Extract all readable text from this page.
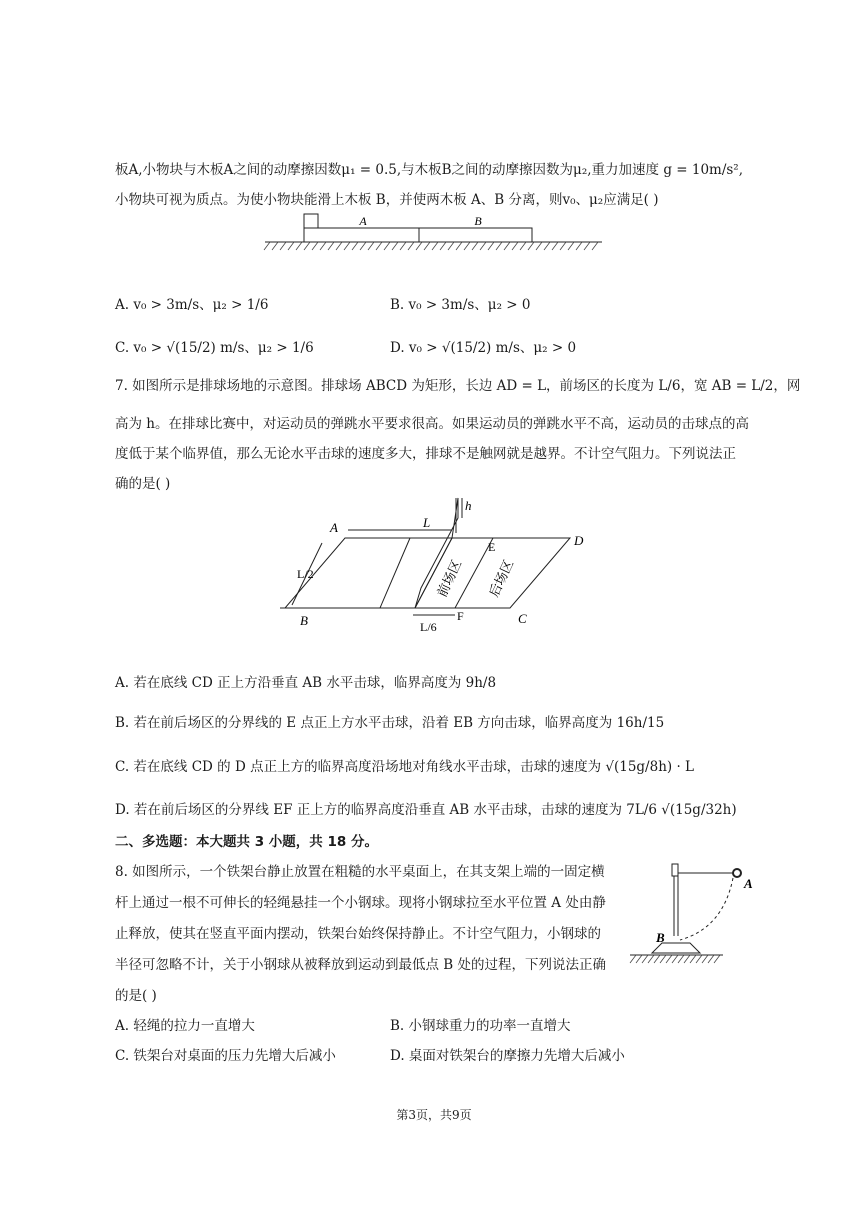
板A,小物块与木板A之间的动摩擦因数μ₁ = 0.5,与木板B之间的动摩擦因数为μ₂,重力加速度 g = 10m/s²,
小物块可视为质点。为使小物块能滑上木板 B，并使两木板 A、B 分离，则v₀、μ₂应满足( )
A	B
A. v₀ > 3m/s、μ₂ > 1/6	B. v₀ > 3m/s、μ₂ > 0
C. v₀ > √(15/2) m/s、μ₂ > 1/6	D. v₀ > √(15/2) m/s、μ₂ > 0
7. 如图所示是排球场地的示意图。排球场 ABCD 为矩形，长边 AD = L，前场区的长度为 L/6，宽 AB = L/2，网
高为 h。在排球比赛中，对运动员的弹跳水平要求很高。如果运动员的弹跳水平不高，运动员的击球点的高
度低于某个临界值，那么无论水平击球的速度多大，排球不是触网就是越界。不计空气阻力。下列说法正
确的是( )
A
D
C
B
E
F
L
h
L/2
L/6
前场区 后场区
A. 若在底线 CD 正上方沿垂直 AB 水平击球，临界高度为 9h/8
B. 若在前后场区的分界线的 E 点正上方水平击球，沿着 EB 方向击球，临界高度为 16h/15
C. 若在底线 CD 的 D 点正上方的临界高度沿场地对角线水平击球，击球的速度为 √(15g/8h) · L
D. 若在前后场区的分界线 EF 正上方的临界高度沿垂直 AB 水平击球，击球的速度为 7L/6 √(15g/32h)
二、多选题：本大题共 3 小题，共 18 分。
8. 如图所示，一个铁架台静止放置在粗糙的水平桌面上，在其支架上端的一固定横
杆上通过一根不可伸长的轻绳悬挂一个小钢球。现将小钢球拉至水平位置 A 处由静
止释放，使其在竖直平面内摆动，铁架台始终保持静止。不计空气阻力，小钢球的
半径可忽略不计，关于小钢球从被释放到运动到最低点 B 处的过程，下列说法正确
的是( )
A
B
A. 轻绳的拉力一直增大	B. 小钢球重力的功率一直增大
C. 铁架台对桌面的压力先增大后减小	D. 桌面对铁架台的摩擦力先增大后减小
第3页，共9页
